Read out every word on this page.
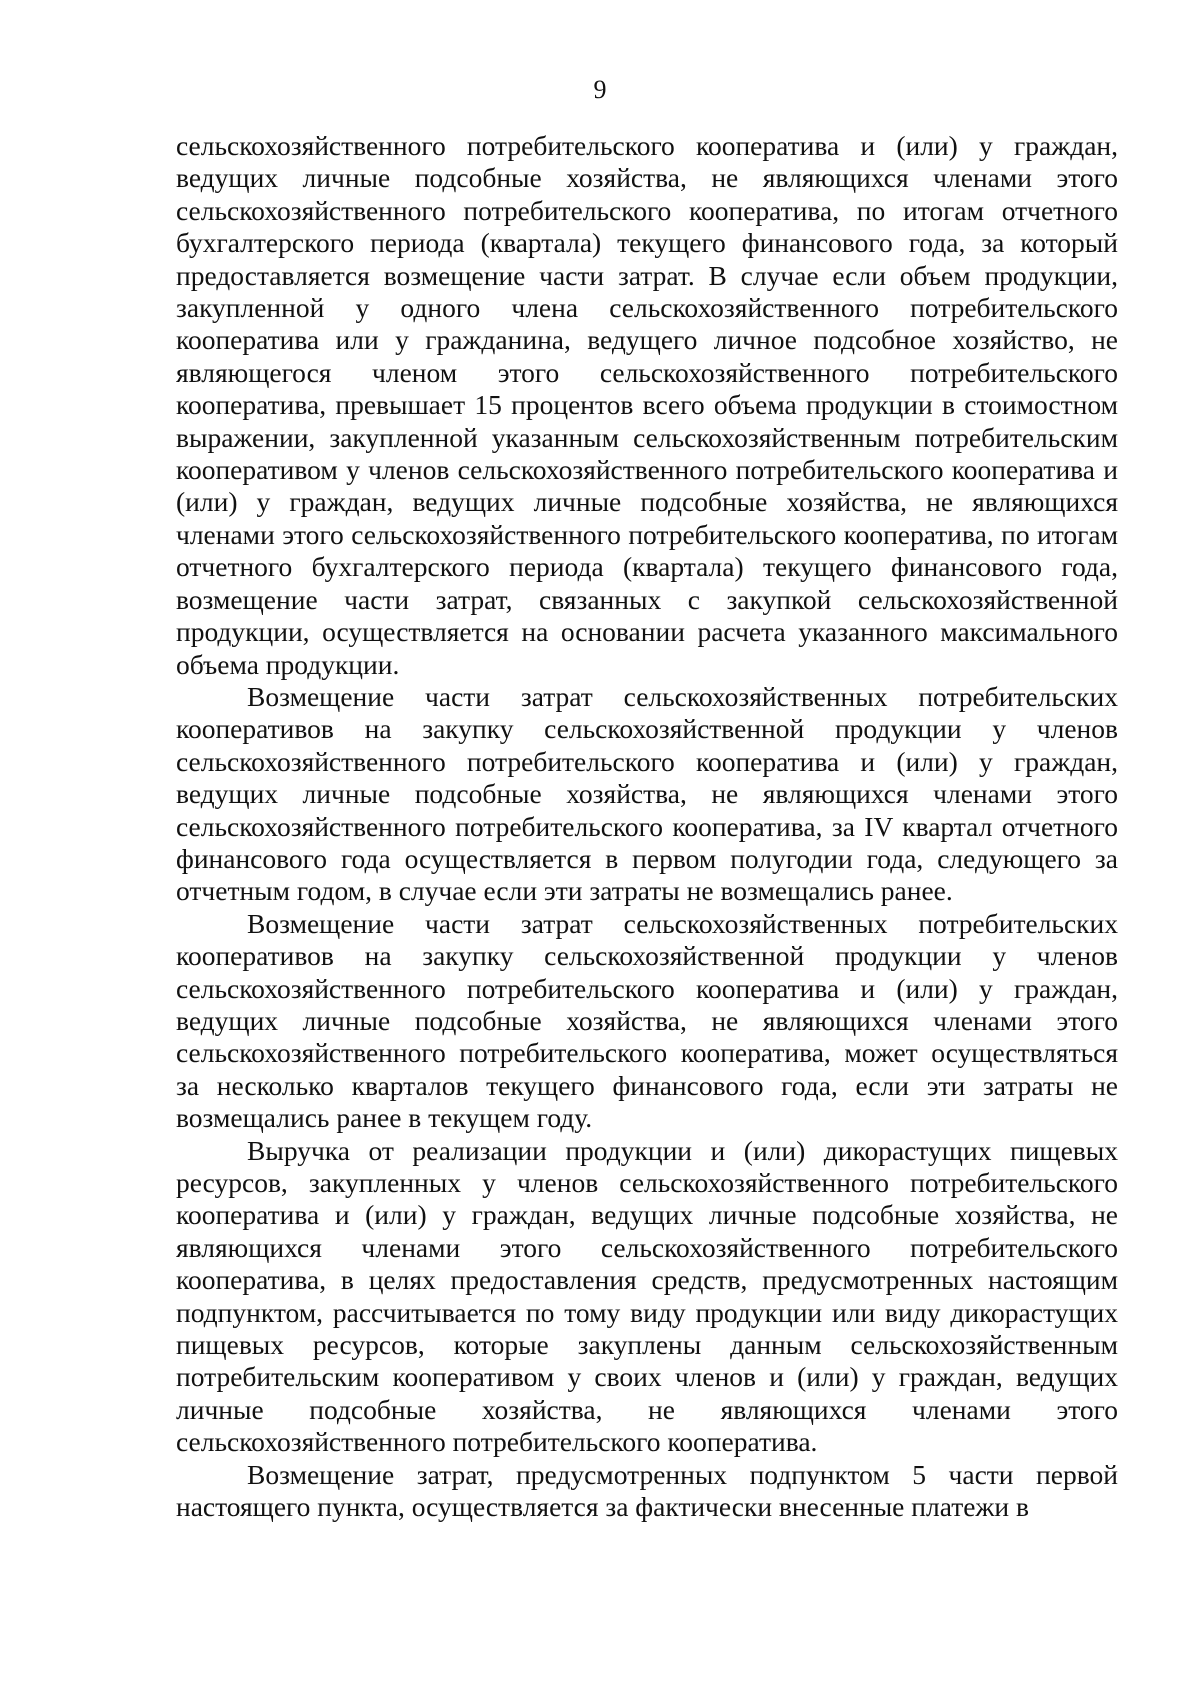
9

сельскохозяйственного потребительского кооператива и (или) у граждан, ведущих личные подсобные хозяйства, не являющихся членами этого сельскохозяйственного потребительского кооператива, по итогам отчетного бухгалтерского периода (квартала) текущего финансового года, за который предоставляется возмещение части затрат. В случае если объем продукции, закупленной у одного члена сельскохозяйственного потребительского кооператива или у гражданина, ведущего личное подсобное хозяйство, не являющегося членом этого сельскохозяйственного потребительского кооператива, превышает 15 процентов всего объема продукции в стоимостном выражении, закупленной указанным сельскохозяйственным потребительским кооперативом у членов сельскохозяйственного потребительского кооператива и (или) у граждан, ведущих личные подсобные хозяйства, не являющихся членами этого сельскохозяйственного потребительского кооператива, по итогам отчетного бухгалтерского периода (квартала) текущего финансового года, возмещение части затрат, связанных с закупкой сельскохозяйственной продукции, осуществляется на основании расчета указанного максимального объема продукции.

Возмещение части затрат сельскохозяйственных потребительских кооперативов на закупку сельскохозяйственной продукции у членов сельскохозяйственного потребительского кооператива и (или) у граждан, ведущих личные подсобные хозяйства, не являющихся членами этого сельскохозяйственного потребительского кооператива, за IV квартал отчетного финансового года осуществляется в первом полугодии года, следующего за отчетным годом, в случае если эти затраты не возмещались ранее.

Возмещение части затрат сельскохозяйственных потребительских кооперативов на закупку сельскохозяйственной продукции у членов сельскохозяйственного потребительского кооператива и (или) у граждан, ведущих личные подсобные хозяйства, не являющихся членами этого сельскохозяйственного потребительского кооператива, может осуществляться за несколько кварталов текущего финансового года, если эти затраты не возмещались ранее в текущем году.

Выручка от реализации продукции и (или) дикорастущих пищевых ресурсов, закупленных у членов сельскохозяйственного потребительского кооператива и (или) у граждан, ведущих личные подсобные хозяйства, не являющихся членами этого сельскохозяйственного потребительского кооператива, в целях предоставления средств, предусмотренных настоящим подпунктом, рассчитывается по тому виду продукции или виду дикорастущих пищевых ресурсов, которые закуплены данным сельскохозяйственным потребительским кооперативом у своих членов и (или) у граждан, ведущих личные подсобные хозяйства, не являющихся членами этого сельскохозяйственного потребительского кооператива.

Возмещение затрат, предусмотренных подпунктом 5 части первой настоящего пункта, осуществляется за фактически внесенные платежи в
